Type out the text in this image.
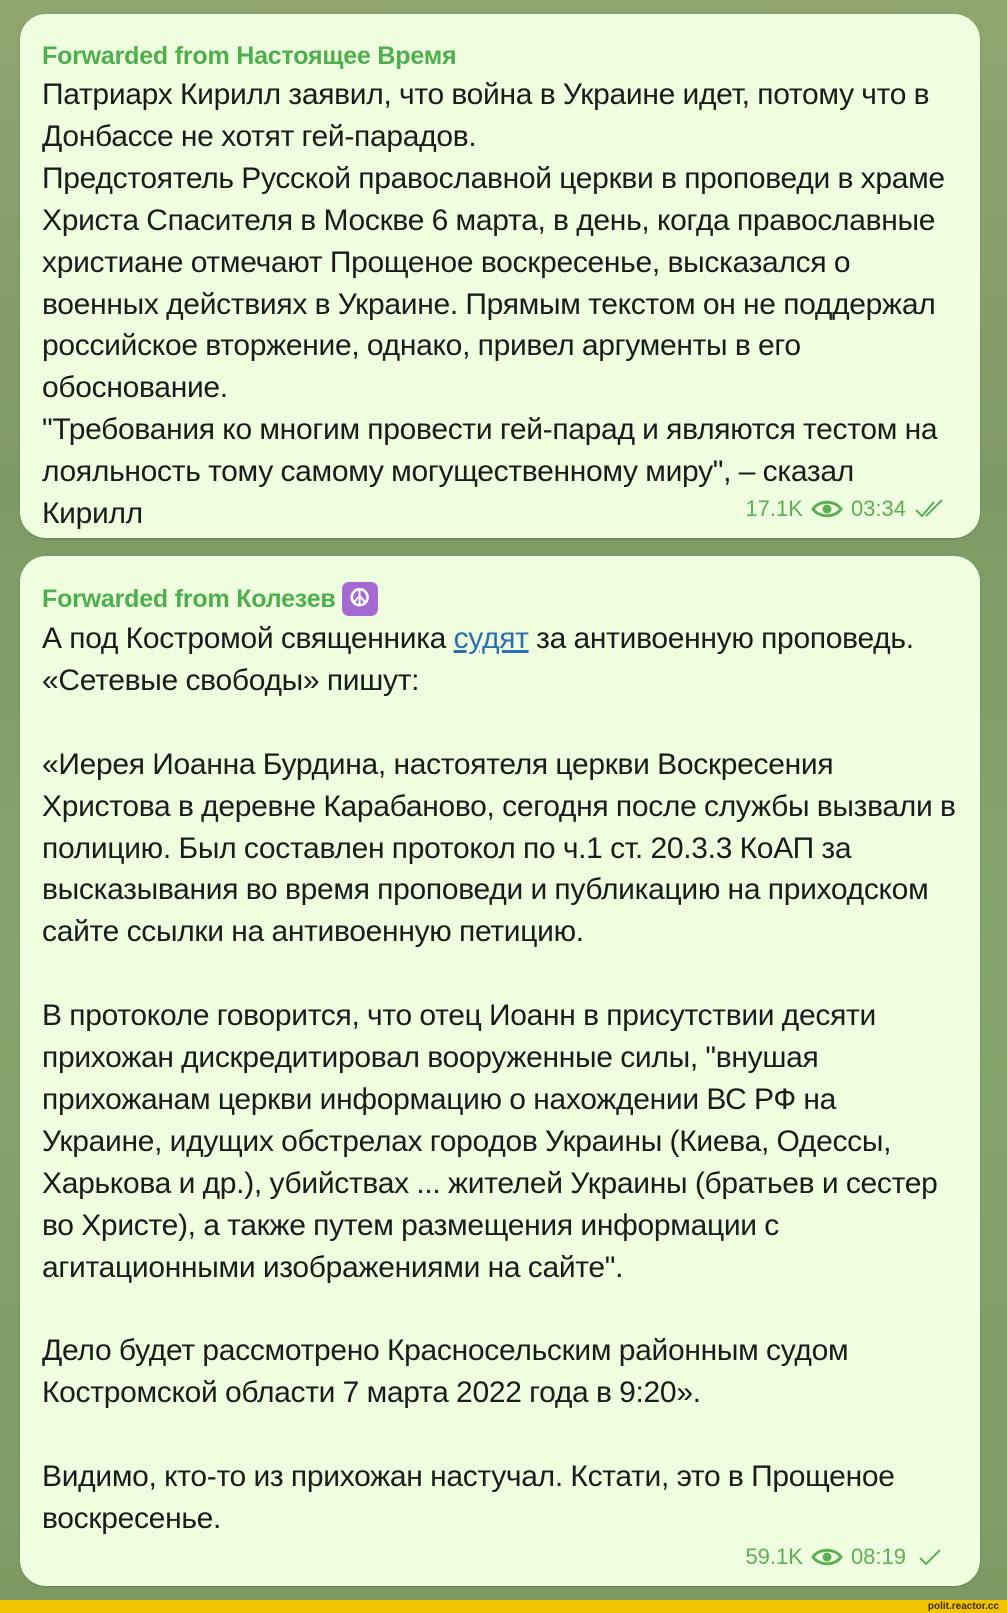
Forwarded from Настоящее Время
Патриарх Кирилл заявил, что война в Украине идет, потому что в Донбассе не хотят гей-парадов.
Предстоятель Русской православной церкви в проповеди в храме Христа Спасителя в Москве 6 марта, в день, когда православные христиане отмечают Прощеное воскресенье, высказался о военных действиях в Украине. Прямым текстом он не поддержал российское вторжение, однако, привел аргументы в его обоснование.
"Требования ко многим провести гей-парад и являются тестом на лояльность тому самому могущественному миру", – сказал Кирилл	17.1K 03:34
Forwarded from Колезев ☮
А под Костромой священника судят за антивоенную проповедь. «Сетевые свободы» пишут:

«Иерея Иоанна Бурдина, настоятеля церкви Воскресения Христова в деревне Карабаново, сегодня после службы вызвали в полицию. Был составлен протокол по ч.1 ст. 20.3.3 КоАП за высказывания во время проповеди и публикацию на приходском сайте ссылки на антивоенную петицию.

В протоколе говорится, что отец Иоанн в присутствии десяти прихожан дискредитировал вооруженные силы, "внушая прихожанам церкви информацию о нахождении ВС РФ на Украине, идущих обстрелах городов Украины (Киева, Одессы, Харькова и др.), убийствах ... жителей Украины (братьев и сестер во Христе), а также путем размещения информации с агитационными изображениями на сайте".

Дело будет рассмотрено Красносельским районным судом Костромской области 7 марта 2022 года в 9:20».

Видимо, кто-то из прихожан настучал. Кстати, это в Прощеное воскресенье.
59.1K 08:19
polit.reactor.cc
